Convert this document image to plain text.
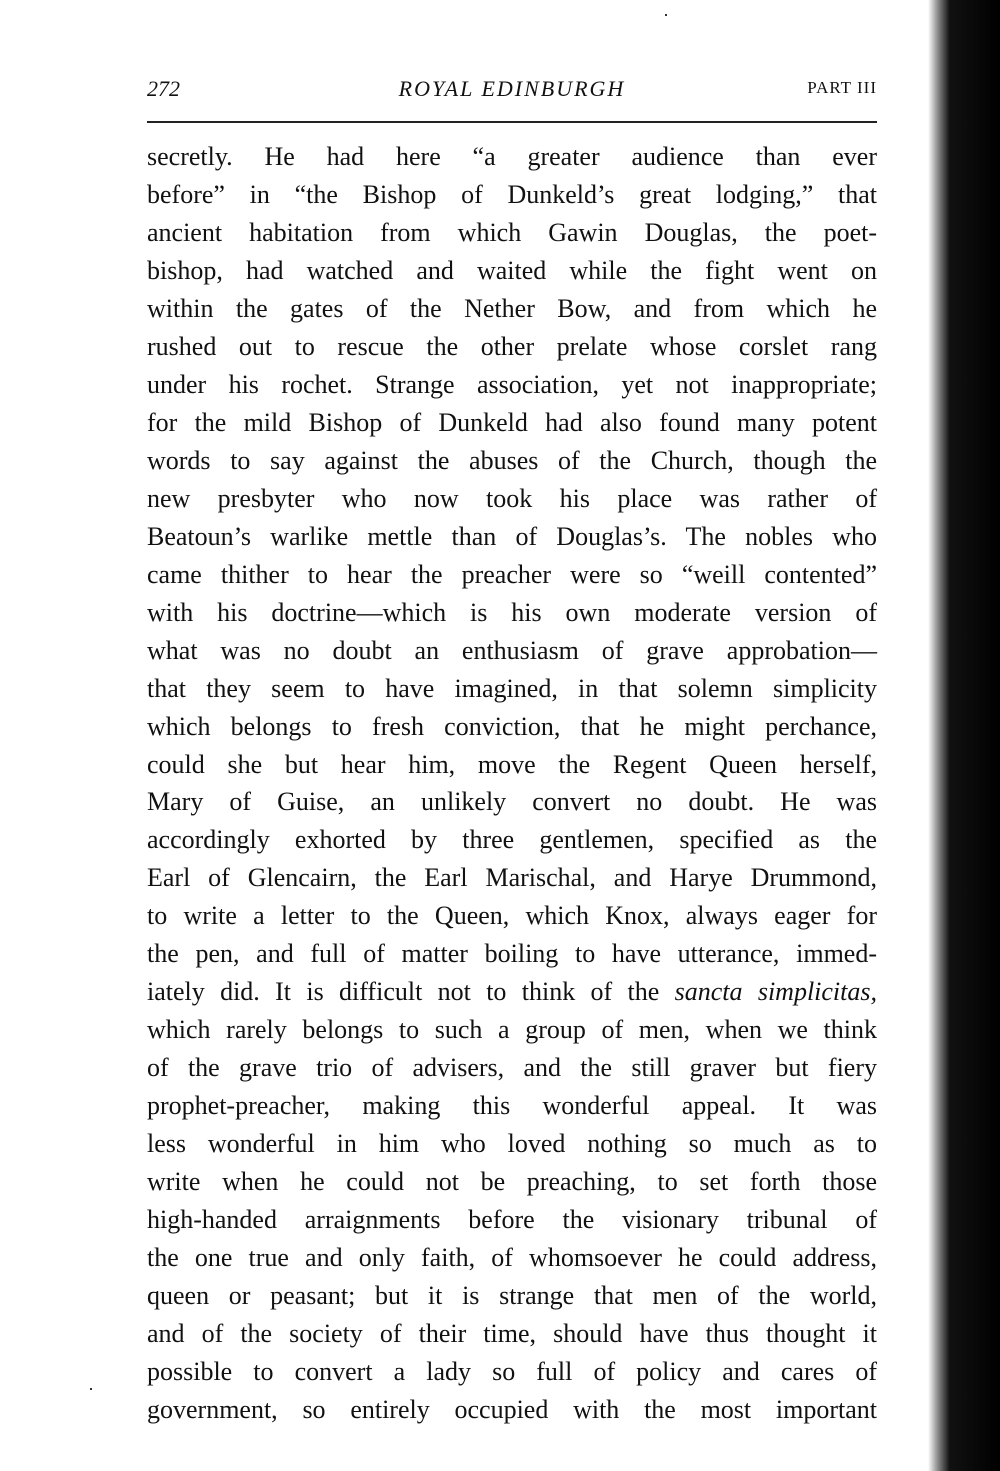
272	ROYAL EDINBURGH	PART III
secretly. He had here “a greater audience than ever
before” in “the Bishop of Dunkeld’s great lodging,” that
ancient habitation from which Gawin Douglas, the poet-
bishop, had watched and waited while the fight went on
within the gates of the Nether Bow, and from which he
rushed out to rescue the other prelate whose corslet rang
under his rochet. Strange association, yet not inappropriate;
for the mild Bishop of Dunkeld had also found many potent
words to say against the abuses of the Church, though the
new presbyter who now took his place was rather of
Beatoun’s warlike mettle than of Douglas’s. The nobles who
came thither to hear the preacher were so “weill contented”
with his doctrine—which is his own moderate version of
what was no doubt an enthusiasm of grave approbation—
that they seem to have imagined, in that solemn simplicity
which belongs to fresh conviction, that he might perchance,
could she but hear him, move the Regent Queen herself,
Mary of Guise, an unlikely convert no doubt. He was
accordingly exhorted by three gentlemen, specified as the
Earl of Glencairn, the Earl Marischal, and Harye Drummond,
to write a letter to the Queen, which Knox, always eager for
the pen, and full of matter boiling to have utterance, immed-
iately did. It is difficult not to think of the sancta simplicitas,
which rarely belongs to such a group of men, when we think
of the grave trio of advisers, and the still graver but fiery
prophet-preacher, making this wonderful appeal. It was
less wonderful in him who loved nothing so much as to
write when he could not be preaching, to set forth those
high-handed arraignments before the visionary tribunal of
the one true and only faith, of whomsoever he could address,
queen or peasant; but it is strange that men of the world,
and of the society of their time, should have thus thought it
possible to convert a lady so full of policy and cares of
government, so entirely occupied with the most important
